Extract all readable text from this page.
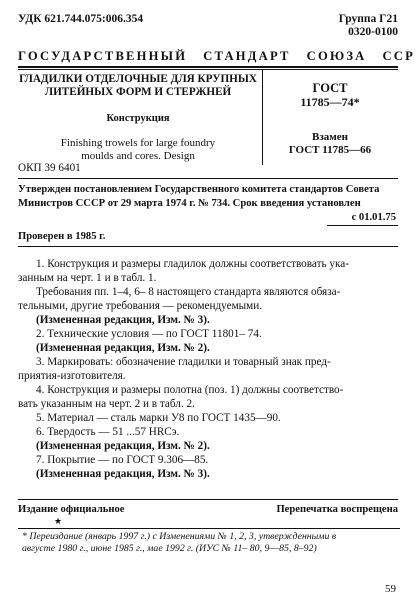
УДК 621.744.075:006.354	Группа Г21
0320-0100
ГОСУДАРСТВЕННЫЙ   СТАНДАРТ   СОЮЗА   ССР
ГЛАДИЛКИ ОТДЕЛОЧНЫЕ ДЛЯ КРУПНЫХ
ЛИТЕЙНЫХ ФОРМ И СТЕРЖНЕЙ
Конструкция
Finishing trowels for large foundry
moulds and cores. Design
ОКП 39 6401
ГОСТ
11785—74*
Взамен
ГОСТ 11785—66
Утвержден постановлением Государственного комитета стандартов Совета
Министров СССР от 29 марта 1974 г. № 734. Срок введения установлен
с 01.01.75
Проверен в 1985 г.
1. Конструкция и размеры гладилок должны соответствовать ука-
занным на черт. 1 и в табл. 1.
Требования пп. 1–4, 6– 8 настоящего стандарта являются обяза-
тельными, другие требования — рекомендуемыми.
(Измененная редакция, Изм. № 3).
2. Технические условия — по ГОСТ 11801– 74.
(Измененная редакция, Изм. № 2).
3. Маркировать: обозначение гладилки и товарный знак пред-
приятия-изготовителя.
4. Конструкция и размеры полотна (поз. 1) должны соответство-
вать указанным на черт. 2 и в табл. 2.
5. Материал — сталь марки У8 по ГОСТ 1435—90.
6. Твердость — 51 ...57 HRCэ.
(Измененная редакция, Изм. № 2).
7. Покрытие — по ГОСТ 9.306—85.
(Измененная редакция, Изм. № 3).
Издание официальное	Перепечатка воспрещена
★
* Переиздание (январь 1997 г.) с Изменениями № 1, 2, 3, утвержденными в
августе 1980 г., июне 1985 г., мае 1992 г. (ИУС № 11– 80, 9––85, 8–92)
59
